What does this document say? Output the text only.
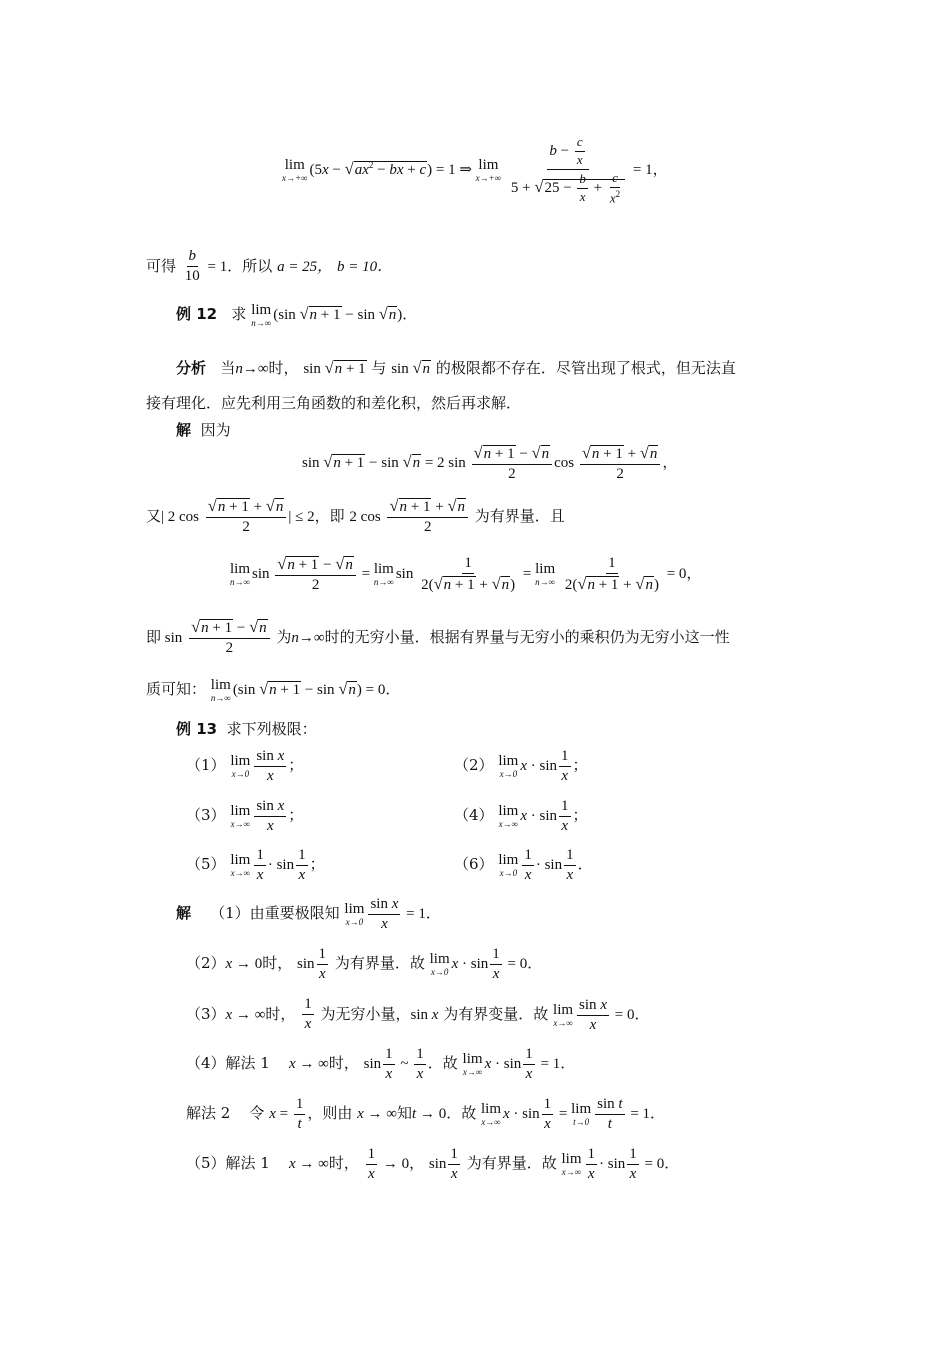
lim
x→+∞
($5x - √ax^2$ − bx + c) = 1 ⇒ lim
x→+∞
$\frac{b - \frac{c}{x}}{5 + √25 - \frac{b}{x} + \frac{c}{x^2}} = 1$，
可得 $\frac{b}{10} = 1$．所以 a = 25， b = 10．
例 12 求 lim
n→∞
(sin √n + 1 − sin √n)．
分析 当n→∞时， sin √n + 1 与 sin √n 的极限都不存在．尽管出现了根式，但无法直
接有理化．应先利用三角函数的和差化积，然后再求解．
解 因为
sin √n + 1 − sin √n = 2 $\sin \frac{√n + 1 - √n}{2}$ $\cos \frac{√n + 1 + √n}{2}$ ，
又| 2 $\cos \frac{√n + 1 + √n}{2}$ | ≤ 2，即 2 $\cos \frac{√n + 1 + √n}{2}$ 为有界量．且
lim
n→∞
$\sin \frac{√n + 1 - √n}{2} = \lim$
n→∞
$\sin \frac{1}{2(√n + 1 + √n)} = \lim$
n→∞
$\frac{1}{2(√n + 1 + √n)} = 0$，
即 $\sin \frac{√n + 1 - √n}{2}$ 为n→∞时的无穷小量．根据有界量与无穷小的乘积仍为无穷小这一性
质可知： lim
n→∞
(sin √n + 1 − sin √n) = 0．
例 13 求下列极限：
（1） lim
$x\to 0 \frac{\text{sin x}}{x}$ ；	（2） lim
x→0
$x \cdot \sin \frac{1}{x}$ ；
（3） lim
$x\to\infty \frac{\text{sin x}}{x}$ ；	（4） lim
x→∞
$x \cdot \sin \frac{1}{x}$ ；
（5） lim
$x\to\infty \frac{1}{x} \cdot \sin \frac{1}{x}$ ；	（6） lim
$x\to 0 \frac{1}{x} \cdot \sin \frac{1}{x}$ ．
解 （1）由重要极限知 lim
$x\to 0 \frac{\text{sin x}}{x} = 1$．
（2）x → 0时， $\sin \frac{1}{x}$ 为有界量．故 lim
x→0
$x \cdot \sin \frac{1}{x} = 0$．
（3）x → ∞时， $\frac{1}{x}$ 为无穷小量，sin x 为有界变量．故 lim
$x\to\infty \frac{\text{sin x}}{x} = 0$．
（4）解法 1 x → ∞时， $\sin \frac{1}{x}$ ~ $\frac{1}{x}$ ．故 lim
x→∞
$x \cdot \sin \frac{1}{x} = 1$．
解法 2 令 $x = \frac{1}{t}$ ，则由 x → ∞知t → 0．故 lim
x→∞
$x \cdot \sin \frac{1}{x} = \lim$
$t\to 0 \frac{\text{sin t}}{t} = 1$．
（5）解法 1 x → ∞时， $\frac{1}{x} \to 0$， $\sin \frac{1}{x}$ 为有界量．故 lim
$x\to\infty \frac{1}{x} \cdot \sin \frac{1}{x} = 0$．
